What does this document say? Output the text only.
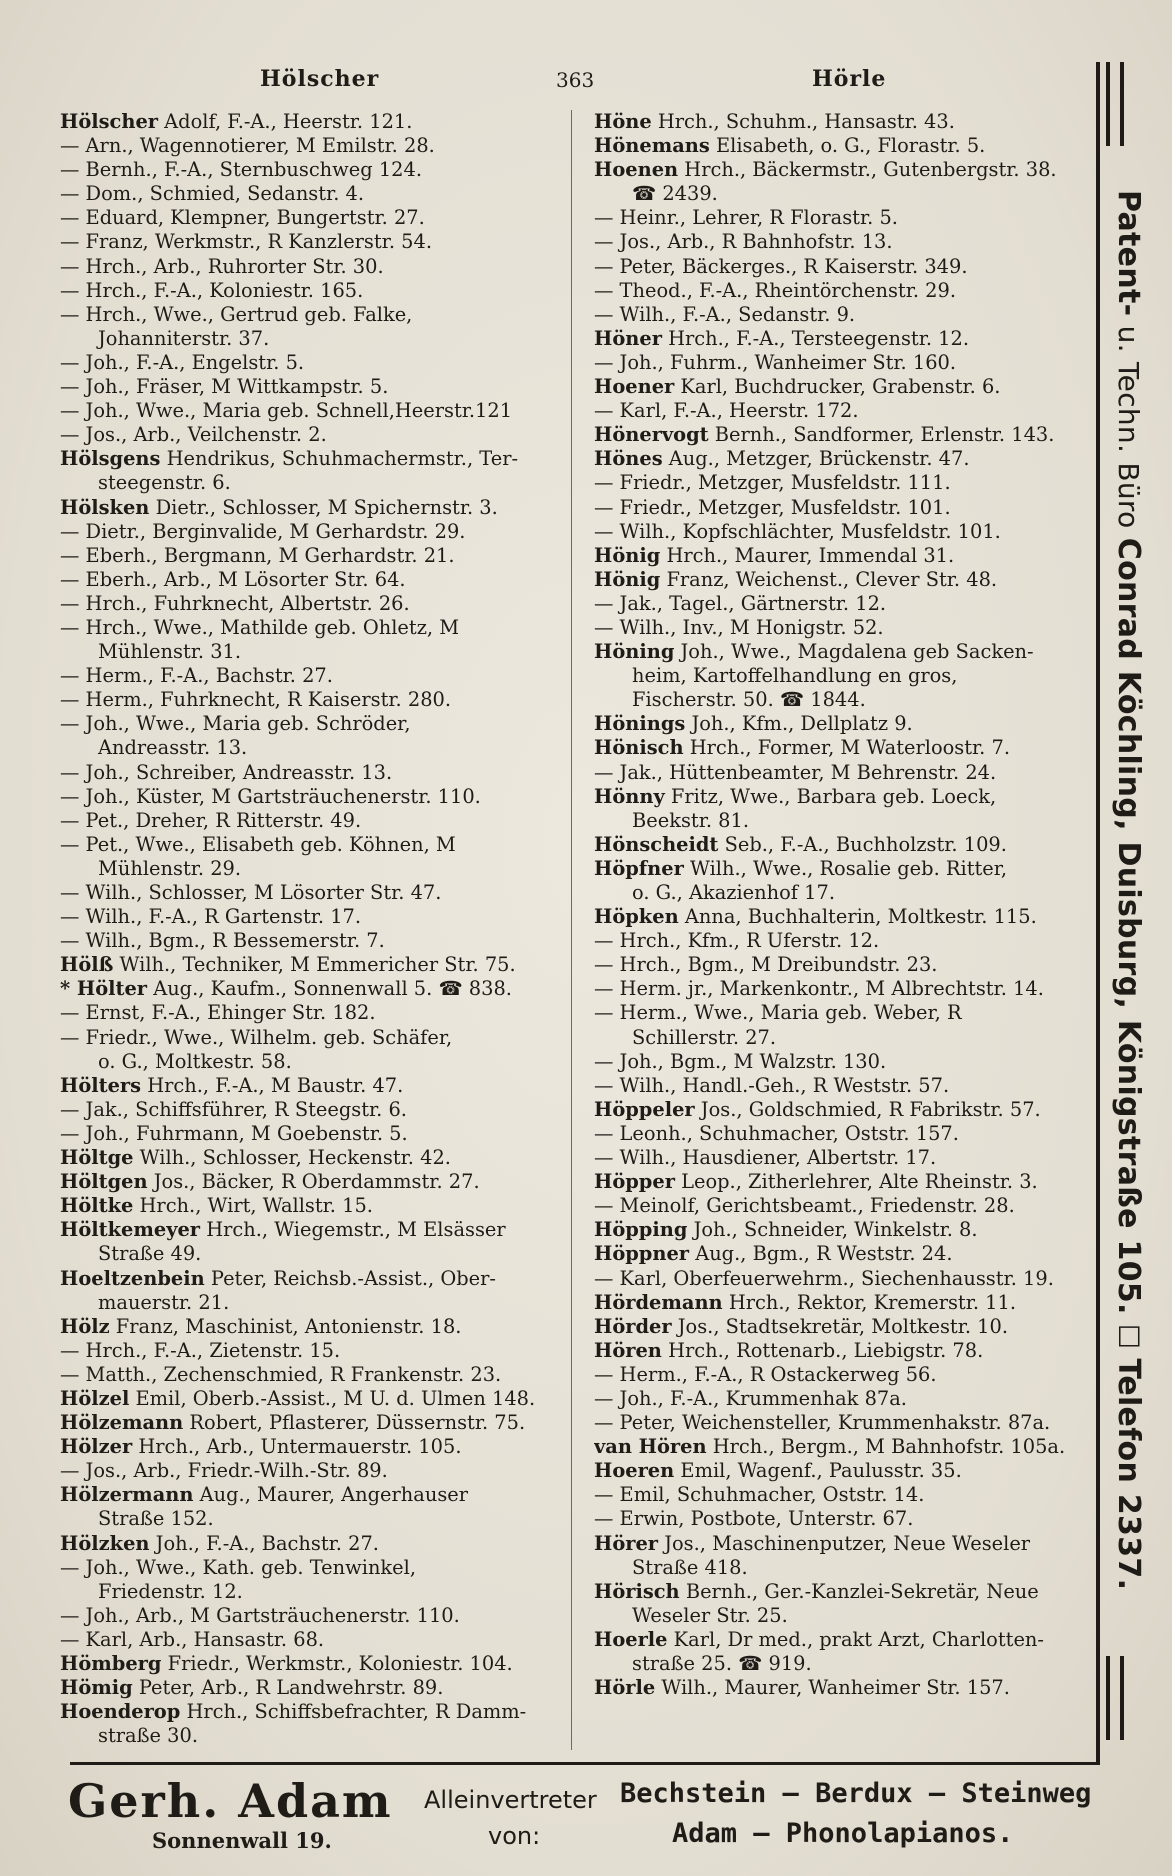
Hölscher	363	Hörle
Hölscher Adolf, F.-A., Heerstr. 121.
— Arn., Wagennotierer, M Emilstr. 28.
— Bernh., F.-A., Sternbuschweg 124.
— Dom., Schmied, Sedanstr. 4.
— Eduard, Klempner, Bungertstr. 27.
— Franz, Werkmstr., R Kanzlerstr. 54.
— Hrch., Arb., Ruhrorter Str. 30.
— Hrch., F.-A., Koloniestr. 165.
— Hrch., Wwe., Gertrud geb. Falke,
Johanniterstr. 37.
— Joh., F.-A., Engelstr. 5.
— Joh., Fräser, M Wittkampstr. 5.
— Joh., Wwe., Maria geb. Schnell,Heerstr.121
— Jos., Arb., Veilchenstr. 2.
Hölsgens Hendrikus, Schuhmachermstr., Ter-
steegenstr. 6.
Hölsken Dietr., Schlosser, M Spichernstr. 3.
— Dietr., Berginvalide, M Gerhardstr. 29.
— Eberh., Bergmann, M Gerhardstr. 21.
— Eberh., Arb., M Lösorter Str. 64.
— Hrch., Fuhrknecht, Albertstr. 26.
— Hrch., Wwe., Mathilde geb. Ohletz, M
Mühlenstr. 31.
— Herm., F.-A., Bachstr. 27.
— Herm., Fuhrknecht, R Kaiserstr. 280.
— Joh., Wwe., Maria geb. Schröder,
Andreasstr. 13.
— Joh., Schreiber, Andreasstr. 13.
— Joh., Küster, M Gartsträuchenerstr. 110.
— Pet., Dreher, R Ritterstr. 49.
— Pet., Wwe., Elisabeth geb. Köhnen, M
Mühlenstr. 29.
— Wilh., Schlosser, M Lösorter Str. 47.
— Wilh., F.-A., R Gartenstr. 17.
— Wilh., Bgm., R Bessemerstr. 7.
Hölß Wilh., Techniker, M Emmericher Str. 75.
* Hölter Aug., Kaufm., Sonnenwall 5. ☎ 838.
— Ernst, F.-A., Ehinger Str. 182.
— Friedr., Wwe., Wilhelm. geb. Schäfer,
o. G., Moltkestr. 58.
Hölters Hrch., F.-A., M Baustr. 47.
— Jak., Schiffsführer, R Steegstr. 6.
— Joh., Fuhrmann, M Goebenstr. 5.
Höltge Wilh., Schlosser, Heckenstr. 42.
Höltgen Jos., Bäcker, R Oberdammstr. 27.
Höltke Hrch., Wirt, Wallstr. 15.
Höltkemeyer Hrch., Wiegemstr., M Elsässer
Straße 49.
Hoeltzenbein Peter, Reichsb.-Assist., Ober-
mauerstr. 21.
Hölz Franz, Maschinist, Antonienstr. 18.
— Hrch., F.-A., Zietenstr. 15.
— Matth., Zechenschmied, R Frankenstr. 23.
Hölzel Emil, Oberb.-Assist., M U. d. Ulmen 148.
Hölzemann Robert, Pflasterer, Düssernstr. 75.
Hölzer Hrch., Arb., Untermauerstr. 105.
— Jos., Arb., Friedr.-Wilh.-Str. 89.
Hölzermann Aug., Maurer, Angerhauser
Straße 152.
Hölzken Joh., F.-A., Bachstr. 27.
— Joh., Wwe., Kath. geb. Tenwinkel,
Friedenstr. 12.
— Joh., Arb., M Gartsträuchenerstr. 110.
— Karl, Arb., Hansastr. 68.
Hömberg Friedr., Werkmstr., Koloniestr. 104.
Hömig Peter, Arb., R Landwehrstr. 89.
Hoenderop Hrch., Schiffsbefrachter, R Damm-
straße 30.
Höne Hrch., Schuhm., Hansastr. 43.
Hönemans Elisabeth, o. G., Florastr. 5.
Hoenen Hrch., Bäckermstr., Gutenbergstr. 38.
☎ 2439.
— Heinr., Lehrer, R Florastr. 5.
— Jos., Arb., R Bahnhofstr. 13.
— Peter, Bäckerges., R Kaiserstr. 349.
— Theod., F.-A., Rheintörchenstr. 29.
— Wilh., F.-A., Sedanstr. 9.
Höner Hrch., F.-A., Tersteegenstr. 12.
— Joh., Fuhrm., Wanheimer Str. 160.
Hoener Karl, Buchdrucker, Grabenstr. 6.
— Karl, F.-A., Heerstr. 172.
Hönervogt Bernh., Sandformer, Erlenstr. 143.
Hönes Aug., Metzger, Brückenstr. 47.
— Friedr., Metzger, Musfeldstr. 111.
— Friedr., Metzger, Musfeldstr. 101.
— Wilh., Kopfschlächter, Musfeldstr. 101.
Hönig Hrch., Maurer, Immendal 31.
Hönig Franz, Weichenst., Clever Str. 48.
— Jak., Tagel., Gärtnerstr. 12.
— Wilh., Inv., M Honigstr. 52.
Höning Joh., Wwe., Magdalena geb Sacken-
heim, Kartoffelhandlung en gros,
Fischerstr. 50. ☎ 1844.
Hönings Joh., Kfm., Dellplatz 9.
Hönisch Hrch., Former, M Waterloostr. 7.
— Jak., Hüttenbeamter, M Behrenstr. 24.
Hönny Fritz, Wwe., Barbara geb. Loeck,
Beekstr. 81.
Hönscheidt Seb., F.-A., Buchholzstr. 109.
Höpfner Wilh., Wwe., Rosalie geb. Ritter,
o. G., Akazienhof 17.
Höpken Anna, Buchhalterin, Moltkestr. 115.
— Hrch., Kfm., R Uferstr. 12.
— Hrch., Bgm., M Dreibundstr. 23.
— Herm. jr., Markenkontr., M Albrechtstr. 14.
— Herm., Wwe., Maria geb. Weber, R
Schillerstr. 27.
— Joh., Bgm., M Walzstr. 130.
— Wilh., Handl.-Geh., R Weststr. 57.
Höppeler Jos., Goldschmied, R Fabrikstr. 57.
— Leonh., Schuhmacher, Oststr. 157.
— Wilh., Hausdiener, Albertstr. 17.
Höpper Leop., Zitherlehrer, Alte Rheinstr. 3.
— Meinolf, Gerichtsbeamt., Friedenstr. 28.
Höpping Joh., Schneider, Winkelstr. 8.
Höppner Aug., Bgm., R Weststr. 24.
— Karl, Oberfeuerwehrm., Siechenhausstr. 19.
Hördemann Hrch., Rektor, Kremerstr. 11.
Hörder Jos., Stadtsekretär, Moltkestr. 10.
Hören Hrch., Rottenarb., Liebigstr. 78.
— Herm., F.-A., R Ostackerweg 56.
— Joh., F.-A., Krummenhak 87a.
— Peter, Weichensteller, Krummenhakstr. 87a.
van Hören Hrch., Bergm., M Bahnhofstr. 105a.
Hoeren Emil, Wagenf., Paulusstr. 35.
— Emil, Schuhmacher, Oststr. 14.
— Erwin, Postbote, Unterstr. 67.
Hörer Jos., Maschinenputzer, Neue Weseler
Straße 418.
Hörisch Bernh., Ger.-Kanzlei-Sekretär, Neue
Weseler Str. 25.
Hoerle Karl, Dr med., prakt Arzt, Charlotten-
straße 25. ☎ 919.
Hörle Wilh., Maurer, Wanheimer Str. 157.
Patent- u. Techn. Büro Conrad Köchling, Duisburg, Königstraße 105. ☐ Telefon 2337.
Gerh. Adam
Sonnenwall 19.
Alleinvertreter
von:
Bechstein — Berdux — Steinweg
Adam — Phonolapianos.
